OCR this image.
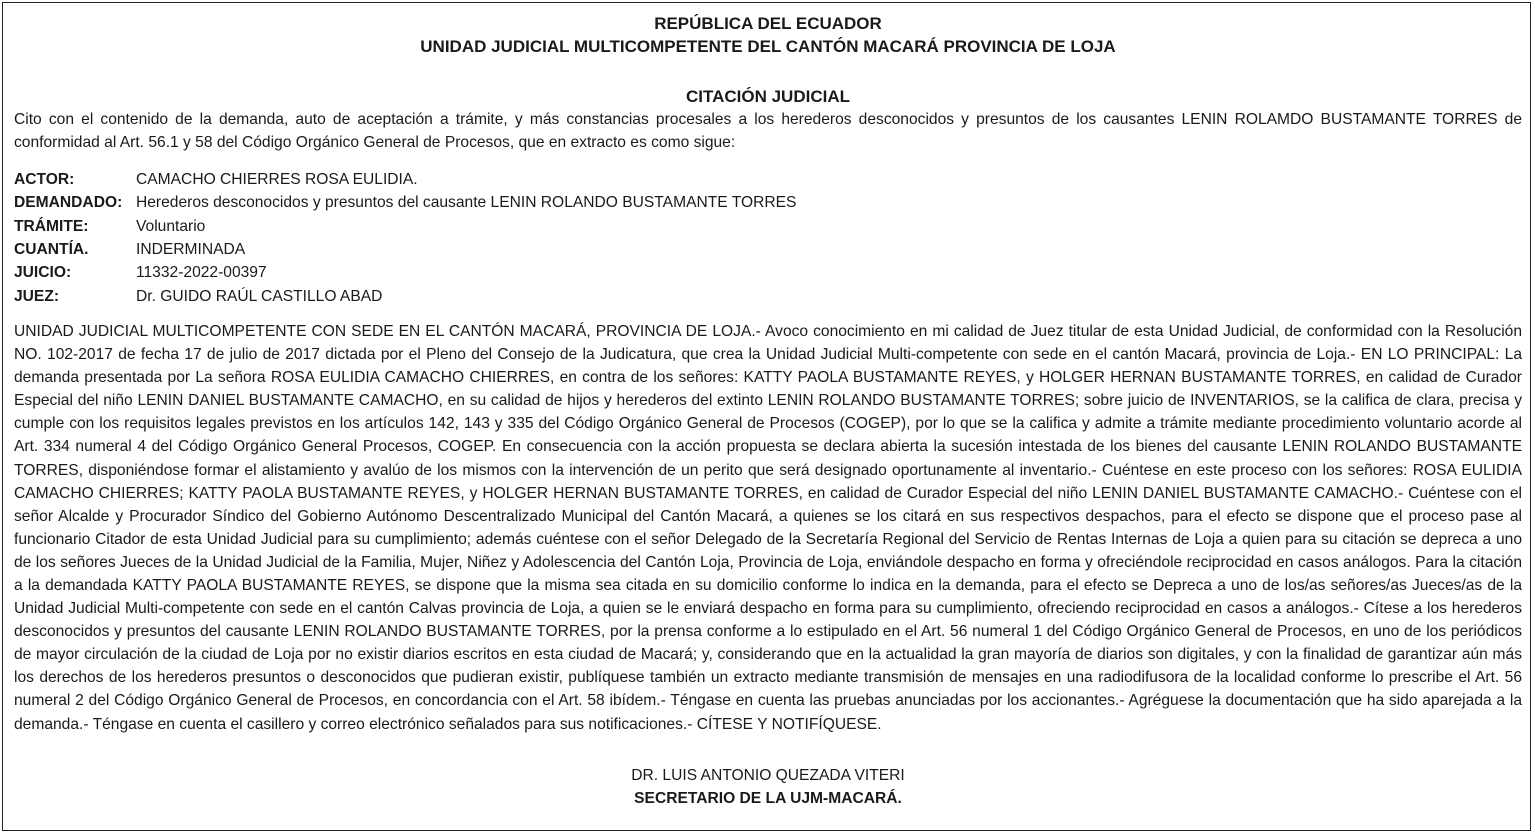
REPÚBLICA DEL ECUADOR
UNIDAD JUDICIAL MULTICOMPETENTE DEL CANTÓN MACARÁ PROVINCIA DE LOJA
CITACIÓN JUDICIAL

Cito con el contenido de la demanda, auto de aceptación a trámite, y más constancias procesales a los herederos desconocidos y presuntos de los causantes LENIN ROLAMDO BUSTAMANTE TORRES de conformidad al Art. 56.1 y 58 del Código Orgánico General de Procesos, que en extracto es como sigue:

ACTOR:	CAMACHO CHIERRES ROSA EULIDIA.
DEMANDADO: Herederos desconocidos y presuntos del causante LENIN ROLANDO BUSTAMANTE TORRES
TRÁMITE:	Voluntario
CUANTÍA.	INDERMINADA
JUICIO:	11332-2022-00397
JUEZ:	Dr. GUIDO RAÚL CASTILLO ABAD

UNIDAD JUDICIAL MULTICOMPETENTE CON SEDE EN EL CANTÓN MACARÁ, PROVINCIA DE LOJA.- Avoco conocimiento en mi calidad de Juez titular de esta Unidad Judicial, de conformidad con la Resolución NO. 102-2017 de fecha 17 de julio de 2017 dictada por el Pleno del Consejo de la Judicatura, que crea la Unidad Judicial Multi-competente con sede en el cantón Macará, provincia de Loja.- EN LO PRINCIPAL: La demanda presentada por La señora ROSA EULIDIA CAMACHO CHIERRES, en contra de los señores: KATTY PAOLA BUSTAMANTE REYES, y HOLGER HERNAN BUSTAMANTE TORRES, en calidad de Curador Especial del niño LENIN DANIEL BUSTAMANTE CAMACHO, en su calidad de hijos y herederos del extinto LENIN ROLANDO BUSTAMANTE TORRES; sobre juicio de INVENTARIOS, se la califica de clara, precisa y cumple con los requisitos legales previstos en los artículos 142, 143 y 335 del Código Orgánico General de Procesos (COGEP), por lo que se la califica y admite a trámite mediante procedimiento voluntario acorde al Art. 334 numeral 4 del Código Orgánico General Procesos, COGEP. En consecuencia con la acción propuesta se declara abierta la sucesión intestada de los bienes del causante LENIN ROLANDO BUSTAMANTE TORRES, disponiéndose formar el alistamiento y avalúo de los mismos con la intervención de un perito que será designado oportunamente al inventario.- Cuéntese en este proceso con los señores: ROSA EULIDIA CAMACHO CHIERRES; KATTY PAOLA BUSTAMANTE REYES, y HOLGER HERNAN BUSTAMANTE TORRES, en calidad de Curador Especial del niño LENIN DANIEL BUSTAMANTE CAMACHO.- Cuéntese con el señor Alcalde y Procurador Síndico del Gobierno Autónomo Descentralizado Municipal del Cantón Macará, a quienes se los citará en sus respectivos despachos, para el efecto se dispone que el proceso pase al funcionario Citador de esta Unidad Judicial para su cumplimiento; además cuéntese con el señor Delegado de la Secretaría Regional del Servicio de Rentas Internas de Loja a quien para su citación se depreca a uno de los señores Jueces de la Unidad Judicial de la Familia, Mujer, Niñez y Adolescencia del Cantón Loja, Provincia de Loja, enviándole despacho en forma y ofreciéndole reciprocidad en casos análogos. Para la citación a la demandada KATTY PAOLA BUSTAMANTE REYES, se dispone que la misma sea citada en su domicilio conforme lo indica en la demanda, para el efecto se Depreca a uno de los/as señores/as Jueces/as de la Unidad Judicial Multi-competente con sede en el cantón Calvas provincia de Loja, a quien se le enviará despacho en forma para su cumplimiento, ofreciendo reciprocidad en casos a análogos.- Cítese a los herederos desconocidos y presuntos del causante LENIN ROLANDO BUSTAMANTE TORRES, por la prensa conforme a lo estipulado en el Art. 56 numeral 1 del Código Orgánico General de Procesos, en uno de los periódicos de mayor circulación de la ciudad de Loja por no existir diarios escritos en esta ciudad de Macará; y, considerando que en la actualidad la gran mayoría de diarios son digitales, y con la finalidad de garantizar aún más los derechos de los herederos presuntos o desconocidos que pudieran existir, publíquese también un extracto mediante transmisión de mensajes en una radiodifusora de la localidad conforme lo prescribe el Art. 56 numeral 2 del Código Orgánico General de Procesos, en concordancia con el Art. 58 ibídem.- Téngase en cuenta las pruebas anunciadas por los accionantes.- Agréguese la documentación que ha sido aparejada a la demanda.- Téngase en cuenta el casillero y correo electrónico señalados para sus notificaciones.- CÍTESE Y NOTIFÍQUESE.

DR. LUIS ANTONIO QUEZADA VITERI
SECRETARIO DE LA UJM-MACARÁ.
